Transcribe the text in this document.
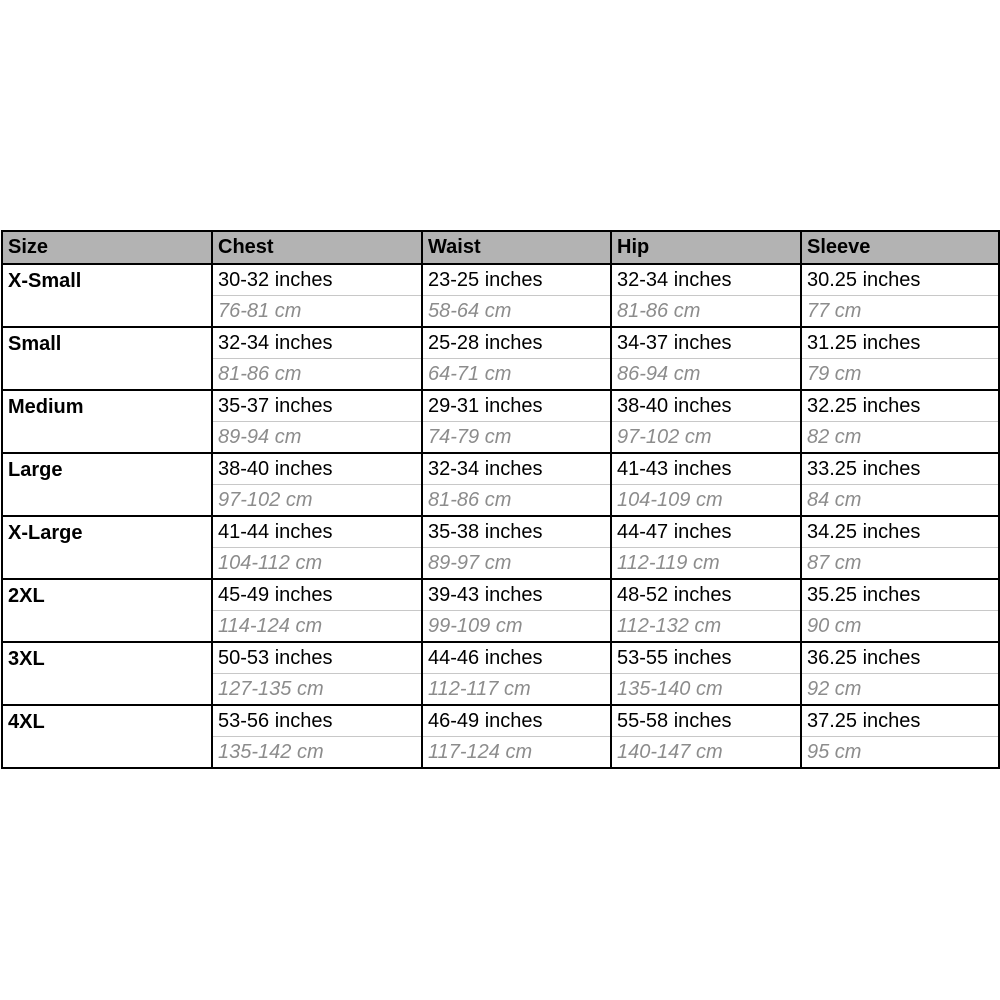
Size	Chest	Waist	Hip	Sleeve
X-Small	30-32 inches	23-25 inches	32-34 inches	30.25 inches
	76-81 cm	58-64 cm	81-86 cm	77 cm
Small	32-34 inches	25-28 inches	34-37 inches	31.25 inches
	81-86 cm	64-71 cm	86-94 cm	79 cm
Medium	35-37 inches	29-31 inches	38-40 inches	32.25 inches
	89-94 cm	74-79 cm	97-102 cm	82 cm
Large	38-40 inches	32-34 inches	41-43 inches	33.25 inches
	97-102 cm	81-86 cm	104-109 cm	84 cm
X-Large	41-44 inches	35-38 inches	44-47 inches	34.25 inches
	104-112 cm	89-97 cm	112-119 cm	87 cm
2XL	45-49 inches	39-43 inches	48-52 inches	35.25 inches
	114-124 cm	99-109 cm	112-132 cm	90 cm
3XL	50-53 inches	44-46 inches	53-55 inches	36.25 inches
	127-135 cm	112-117 cm	135-140 cm	92 cm
4XL	53-56 inches	46-49 inches	55-58 inches	37.25 inches
	135-142 cm	117-124 cm	140-147 cm	95 cm
